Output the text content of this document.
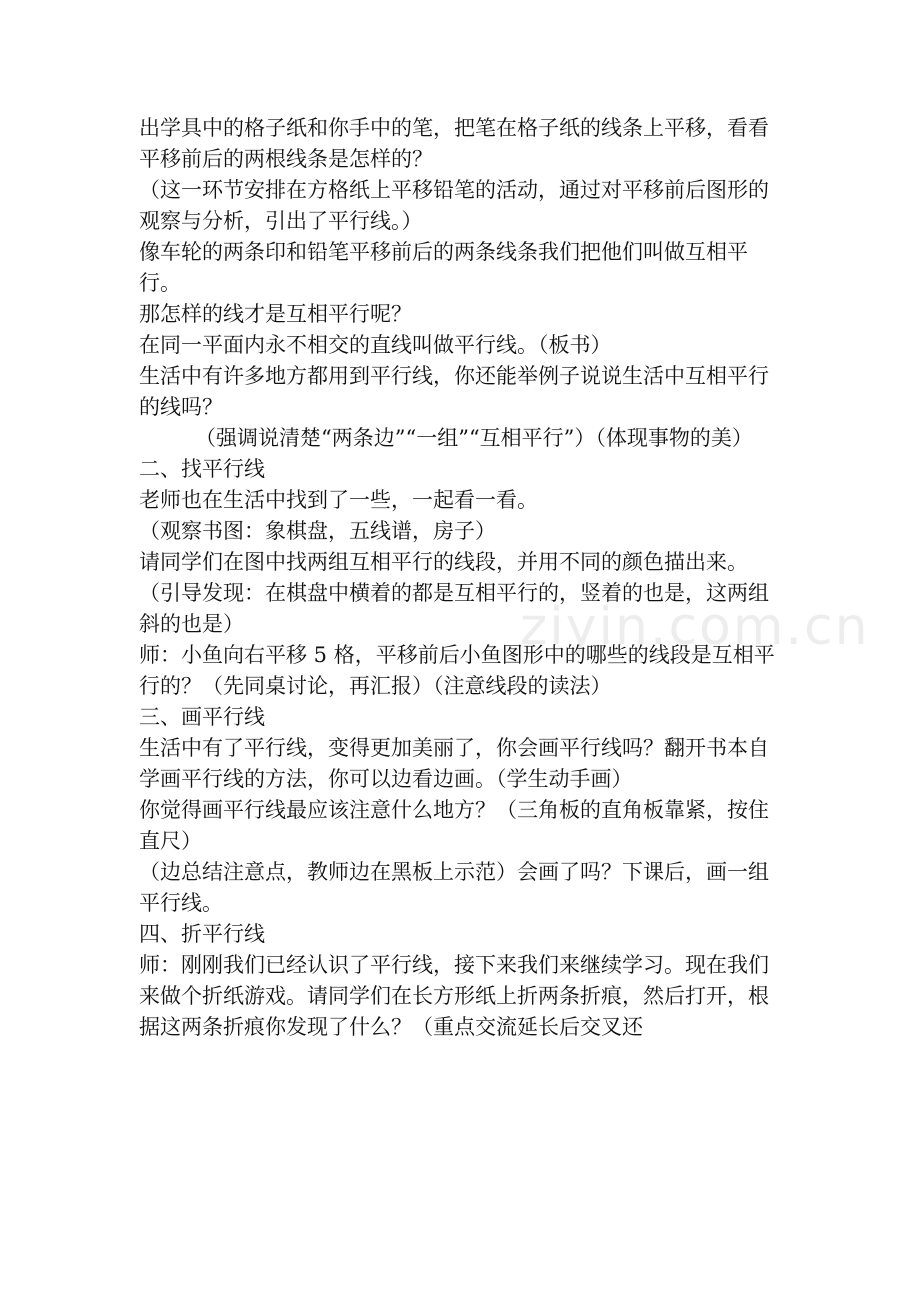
ziyin.com.cn

出学具中的格子纸和你手中的笔，把笔在格子纸的线条上平移，看看平移前后的两根线条是怎样的？

（这一环节安排在方格纸上平移铅笔的活动，通过对平移前后图形的观察与分析，引出了平行线。）

像车轮的两条印和铅笔平移前后的两条线条我们把他们叫做互相平行。

那怎样的线才是互相平行呢？

在同一平面内永不相交的直线叫做平行线。（板书）

生活中有许多地方都用到平行线，你还能举例子说说生活中互相平行的线吗？

（强调说清楚“两条边”“一组”“互相平行”）（体现事物的美）

二、找平行线

老师也在生活中找到了一些，一起看一看。

（观察书图：象棋盘，五线谱，房子）

请同学们在图中找两组互相平行的线段，并用不同的颜色描出来。

（引导发现：在棋盘中横着的都是互相平行的，竖着的也是，这两组斜的也是）

师：小鱼向右平移 5 格，平移前后小鱼图形中的哪些的线段是互相平行的？（先同桌讨论，再汇报）（注意线段的读法）

三、画平行线

生活中有了平行线，变得更加美丽了，你会画平行线吗？翻开书本自学画平行线的方法，你可以边看边画。（学生动手画）

你觉得画平行线最应该注意什么地方？（三角板的直角板靠紧，按住直尺）

（边总结注意点，教师边在黑板上示范）会画了吗？下课后，画一组平行线。

四、折平行线

师：刚刚我们已经认识了平行线，接下来我们来继续学习。现在我们来做个折纸游戏。请同学们在长方形纸上折两条折痕，然后打开，根据这两条折痕你发现了什么？（重点交流延长后交叉还
